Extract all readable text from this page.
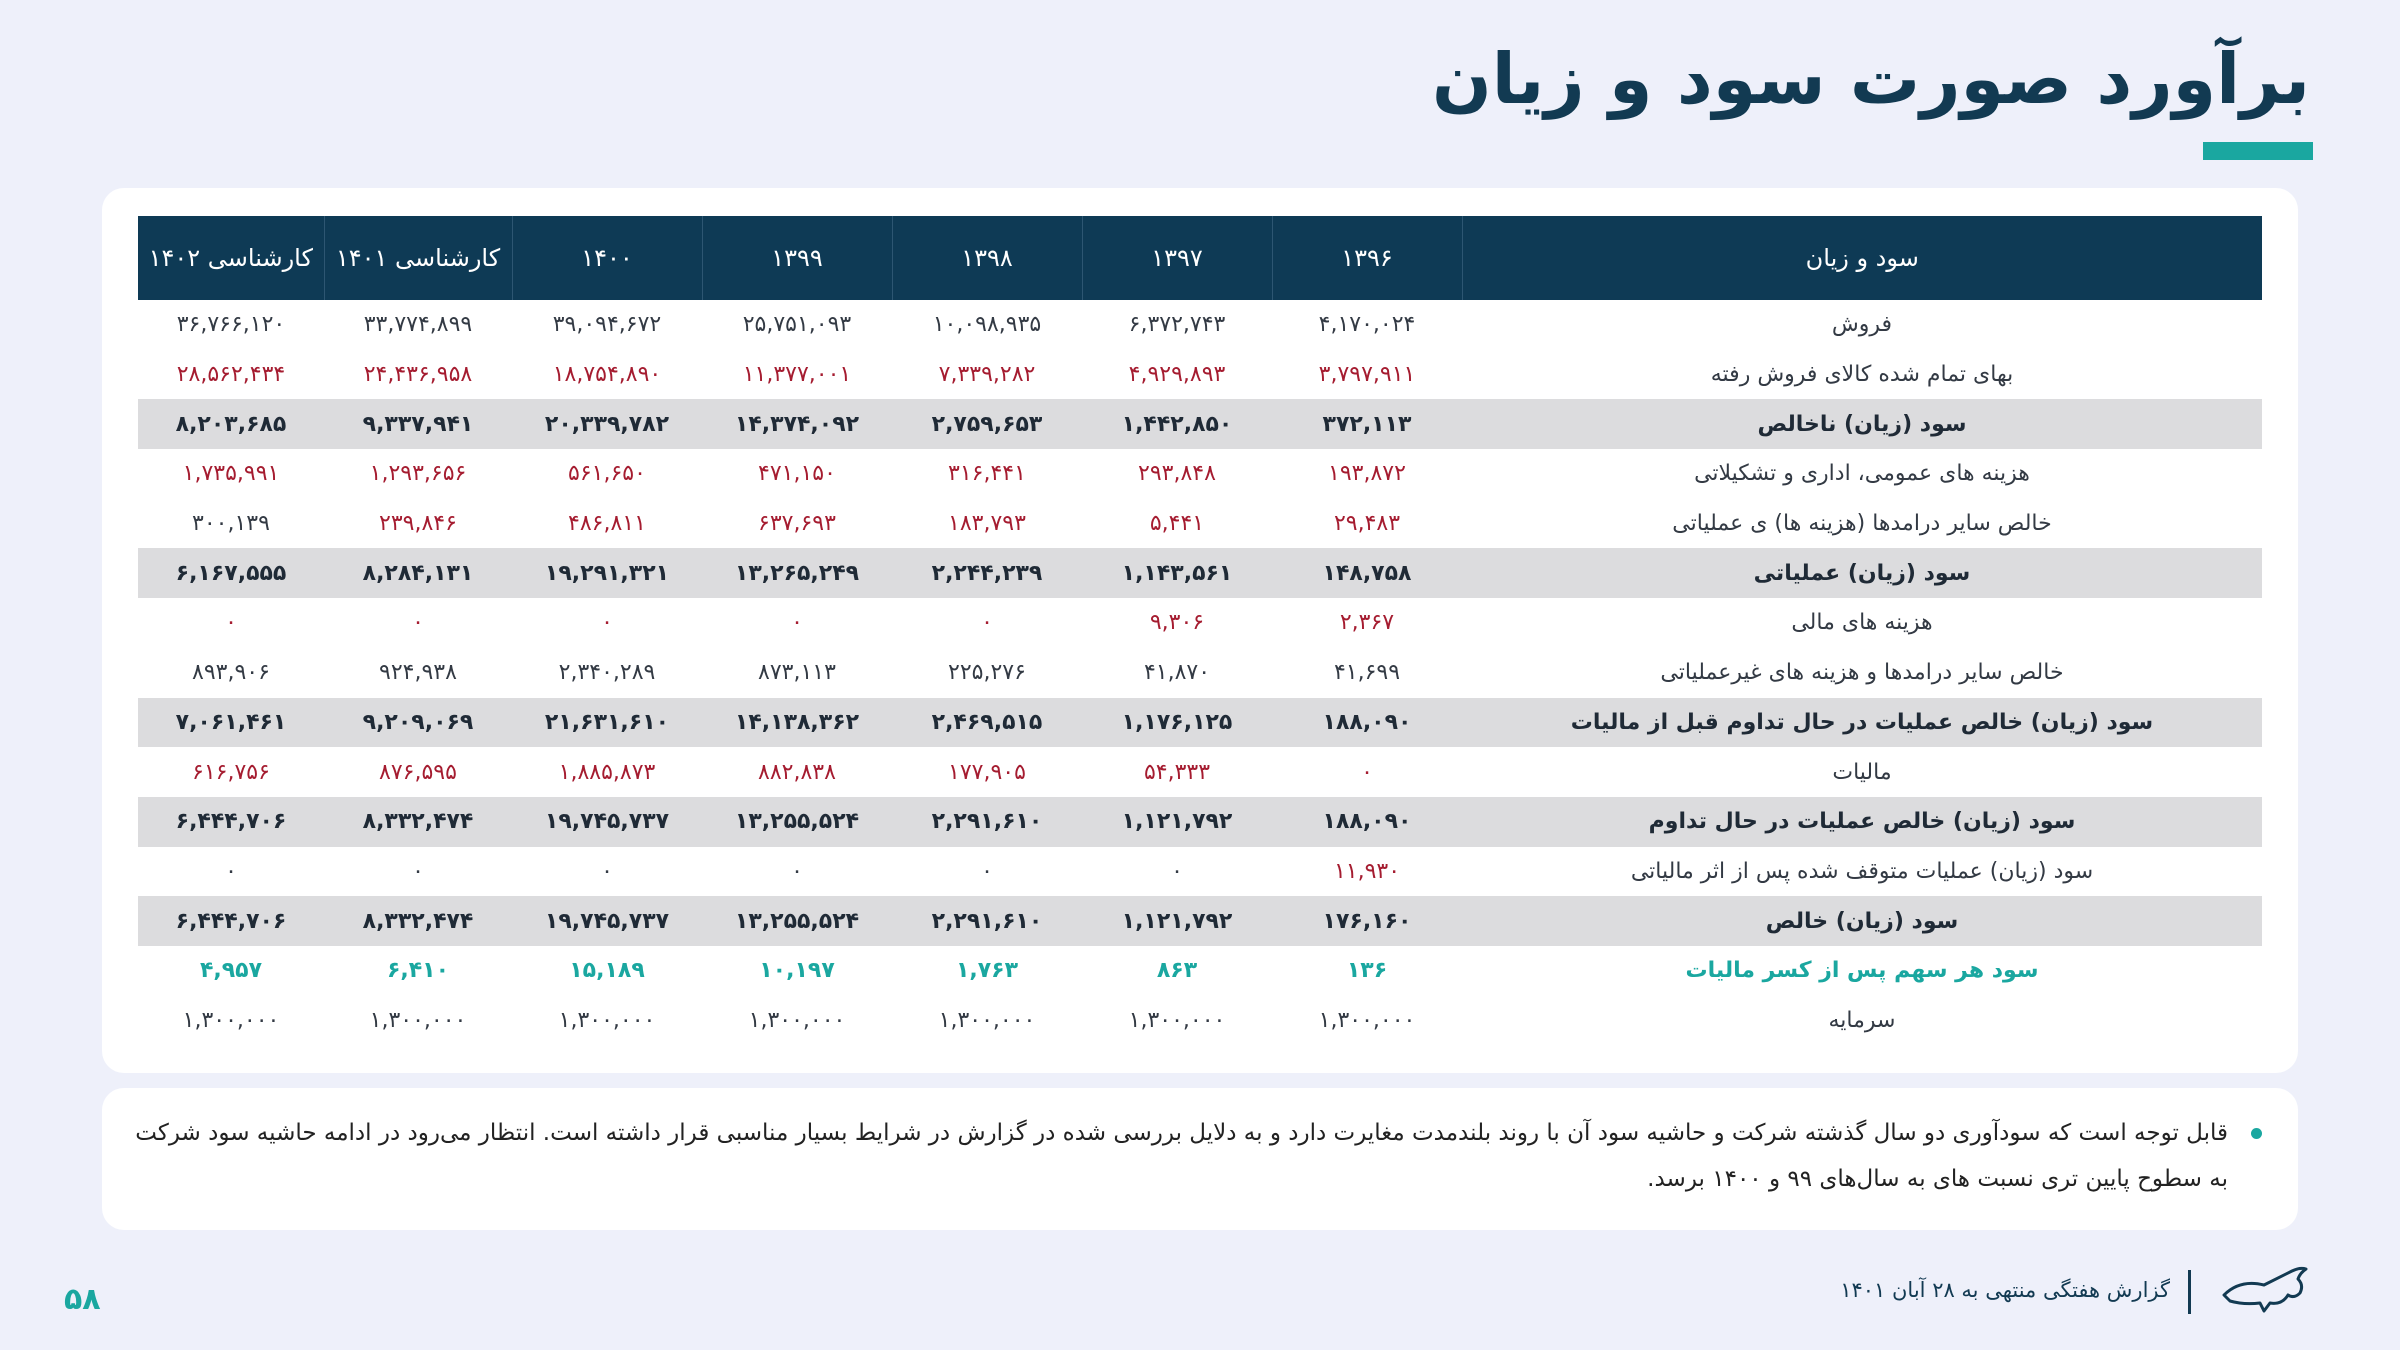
برآورد صورت سود و زیان
سود و زیان	۱۳۹۶	۱۳۹۷	۱۳۹۸	۱۳۹۹	۱۴۰۰	کارشناسی ۱۴۰۱	کارشناسی ۱۴۰۲
فروش	۴,۱۷۰,۰۲۴	۶,۳۷۲,۷۴۳	۱۰,۰۹۸,۹۳۵	۲۵,۷۵۱,۰۹۳	۳۹,۰۹۴,۶۷۲	۳۳,۷۷۴,۸۹۹	۳۶,۷۶۶,۱۲۰
بهای تمام شده کالای فروش رفته	۳,۷۹۷,۹۱۱	۴,۹۲۹,۸۹۳	۷,۳۳۹,۲۸۲	۱۱,۳۷۷,۰۰۱	۱۸,۷۵۴,۸۹۰	۲۴,۴۳۶,۹۵۸	۲۸,۵۶۲,۴۳۴
سود (زیان) ناخالص	۳۷۲,۱۱۳	۱,۴۴۲,۸۵۰	۲,۷۵۹,۶۵۳	۱۴,۳۷۴,۰۹۲	۲۰,۳۳۹,۷۸۲	۹,۳۳۷,۹۴۱	۸,۲۰۳,۶۸۵
هزینه های عمومی، اداری و تشکیلاتی	۱۹۳,۸۷۲	۲۹۳,۸۴۸	۳۱۶,۴۴۱	۴۷۱,۱۵۰	۵۶۱,۶۵۰	۱,۲۹۳,۶۵۶	۱,۷۳۵,۹۹۱
خالص سایر درامدها (هزینه ها) ی عملیاتی	۲۹,۴۸۳	۵,۴۴۱	۱۸۳,۷۹۳	۶۳۷,۶۹۳	۴۸۶,۸۱۱	۲۳۹,۸۴۶	۳۰۰,۱۳۹
سود (زیان) عملیاتی	۱۴۸,۷۵۸	۱,۱۴۳,۵۶۱	۲,۲۴۴,۲۳۹	۱۳,۲۶۵,۲۴۹	۱۹,۲۹۱,۳۲۱	۸,۲۸۴,۱۳۱	۶,۱۶۷,۵۵۵
هزینه های مالی	۲,۳۶۷	۹,۳۰۶	۰	۰	۰	۰	۰
خالص سایر درامدها و هزینه های غیرعملیاتی	۴۱,۶۹۹	۴۱,۸۷۰	۲۲۵,۲۷۶	۸۷۳,۱۱۳	۲,۳۴۰,۲۸۹	۹۲۴,۹۳۸	۸۹۳,۹۰۶
سود (زیان) خالص عملیات در حال تداوم قبل از مالیات	۱۸۸,۰۹۰	۱,۱۷۶,۱۲۵	۲,۴۶۹,۵۱۵	۱۴,۱۳۸,۳۶۲	۲۱,۶۳۱,۶۱۰	۹,۲۰۹,۰۶۹	۷,۰۶۱,۴۶۱
مالیات	۰	۵۴,۳۳۳	۱۷۷,۹۰۵	۸۸۲,۸۳۸	۱,۸۸۵,۸۷۳	۸۷۶,۵۹۵	۶۱۶,۷۵۶
سود (زیان) خالص عملیات در حال تداوم	۱۸۸,۰۹۰	۱,۱۲۱,۷۹۲	۲,۲۹۱,۶۱۰	۱۳,۲۵۵,۵۲۴	۱۹,۷۴۵,۷۳۷	۸,۳۳۲,۴۷۴	۶,۴۴۴,۷۰۶
سود (زیان) عملیات متوقف شده پس از اثر مالیاتی	۱۱,۹۳۰	۰	۰	۰	۰	۰	۰
سود (زیان) خالص	۱۷۶,۱۶۰	۱,۱۲۱,۷۹۲	۲,۲۹۱,۶۱۰	۱۳,۲۵۵,۵۲۴	۱۹,۷۴۵,۷۳۷	۸,۳۳۲,۴۷۴	۶,۴۴۴,۷۰۶
سود هر سهم پس از کسر مالیات	۱۳۶	۸۶۳	۱,۷۶۳	۱۰,۱۹۷	۱۵,۱۸۹	۶,۴۱۰	۴,۹۵۷
سرمایه	۱,۳۰۰,۰۰۰	۱,۳۰۰,۰۰۰	۱,۳۰۰,۰۰۰	۱,۳۰۰,۰۰۰	۱,۳۰۰,۰۰۰	۱,۳۰۰,۰۰۰	۱,۳۰۰,۰۰۰

قابل توجه است که سودآوری دو سال گذشته شرکت و حاشیه سود آن با روند بلندمدت مغایرت دارد و به دلایل بررسی شده در گزارش در شرایط بسیار مناسبی قرار داشته است. انتظار می‌رود در ادامه حاشیه سود شرکت به سطوح پایین تری نسبت های به سال‌های ۹۹ و ۱۴۰۰ برسد.

گزارش هفتگی منتهی به ۲۸ آبان ۱۴۰۱
۵۸
